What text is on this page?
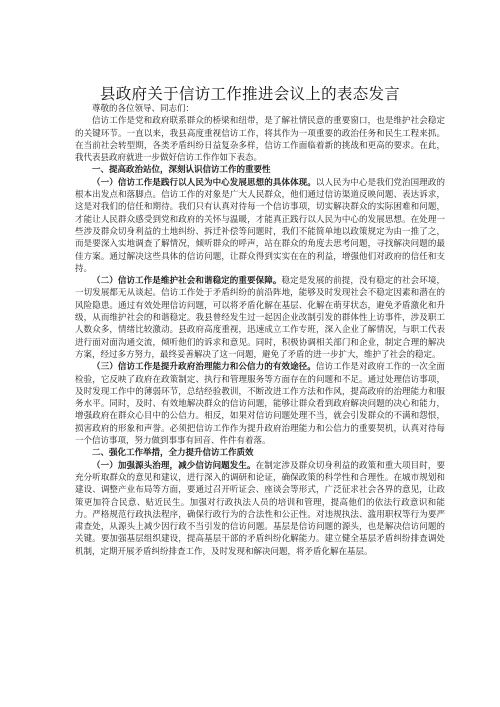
县政府关于信访工作推进会议上的表态发言

尊敬的各位领导、同志们：

信访工作是党和政府联系群众的桥梁和纽带，是了解社情民意的重要窗口，也是维护社会稳定的关键环节。一直以来，我县高度重视信访工作，将其作为一项重要的政治任务和民生工程来抓。在当前社会转型期，各类矛盾纠纷日益复杂多样，信访工作面临着新的挑战和更高的要求。在此，我代表县政府就进一步做好信访工作作如下表态。

一、提高政治站位，深刻认识信访工作的重要性

（一）信访工作是践行以人民为中心发展思想的具体体现。以人民为中心是我们党治国理政的根本出发点和落脚点。信访工作的对象是广大人民群众，他们通过信访渠道反映问题、表达诉求，这是对我们的信任和期待。我们只有认真对待每一个信访事项，切实解决群众的实际困难和问题，才能让人民群众感受到党和政府的关怀与温暖，才能真正践行以人民为中心的发展思想。在处理一些涉及群众切身利益的土地纠纷、拆迁补偿等问题时，我们不能简单地以政策规定为由一推了之，而是要深入实地调查了解情况，倾听群众的呼声，站在群众的角度去思考问题，寻找解决问题的最佳方案。通过解决这些具体的信访问题，让群众得到实实在在的利益，增强他们对政府的信任和支持。

（二）信访工作是维护社会和谐稳定的重要保障。稳定是发展的前提，没有稳定的社会环境，一切发展都无从谈起。信访工作处于矛盾纠纷的前沿阵地，能够及时发现社会不稳定因素和潜在的风险隐患。通过有效处理信访问题，可以将矛盾化解在基层、化解在萌芽状态，避免矛盾激化和升级，从而维护社会的和谐稳定。我县曾经发生过一起因企业改制引发的群体性上访事件，涉及职工人数众多，情绪比较激动。县政府高度重视，迅速成立工作专班，深入企业了解情况，与职工代表进行面对面沟通交流，倾听他们的诉求和意见。同时，积极协调相关部门和企业，制定合理的解决方案，经过多方努力，最终妥善解决了这一问题，避免了矛盾的进一步扩大，维护了社会的稳定。

（三）信访工作是提升政府治理能力和公信力的有效途径。信访工作是对政府工作的一次全面检验，它反映了政府在政策制定、执行和管理服务等方面存在的问题和不足。通过处理信访事项，及时发现工作中的薄弱环节，总结经验教训，不断改进工作方法和作风，提高政府的治理能力和服务水平。同时，及时、有效地解决群众的信访问题，能够让群众看到政府解决问题的决心和能力，增强政府在群众心目中的公信力。相反，如果对信访问题处理不当，就会引发群众的不满和怨恨，损害政府的形象和声誉。必须把信访工作作为提升政府治理能力和公信力的重要契机，认真对待每一个信访事项，努力做到事事有回音、件件有着落。

二、强化工作举措，全力提升信访工作质效

（一）加强源头治理，减少信访问题发生。在制定涉及群众切身利益的政策和重大项目时，要充分听取群众的意见和建议，进行深入的调研和论证，确保政策的科学性和合理性。在城市规划和建设、调整产业布局等方面，要通过召开听证会、座谈会等形式，广泛征求社会各界的意见，让政策更加符合民意、贴近民生。加强对行政执法人员的培训和管理，提高他们的依法行政意识和能力。严格规范行政执法程序，确保行政行为的合法性和公正性。对违规执法、滥用职权等行为要严肃查处，从源头上减少因行政不当引发的信访问题。基层是信访问题的源头，也是解决信访问题的关键。要加强基层组织建设，提高基层干部的矛盾纠纷化解能力。建立健全基层矛盾纠纷排查调处机制，定期开展矛盾纠纷排查工作，及时发现和解决问题，将矛盾化解在基层。
